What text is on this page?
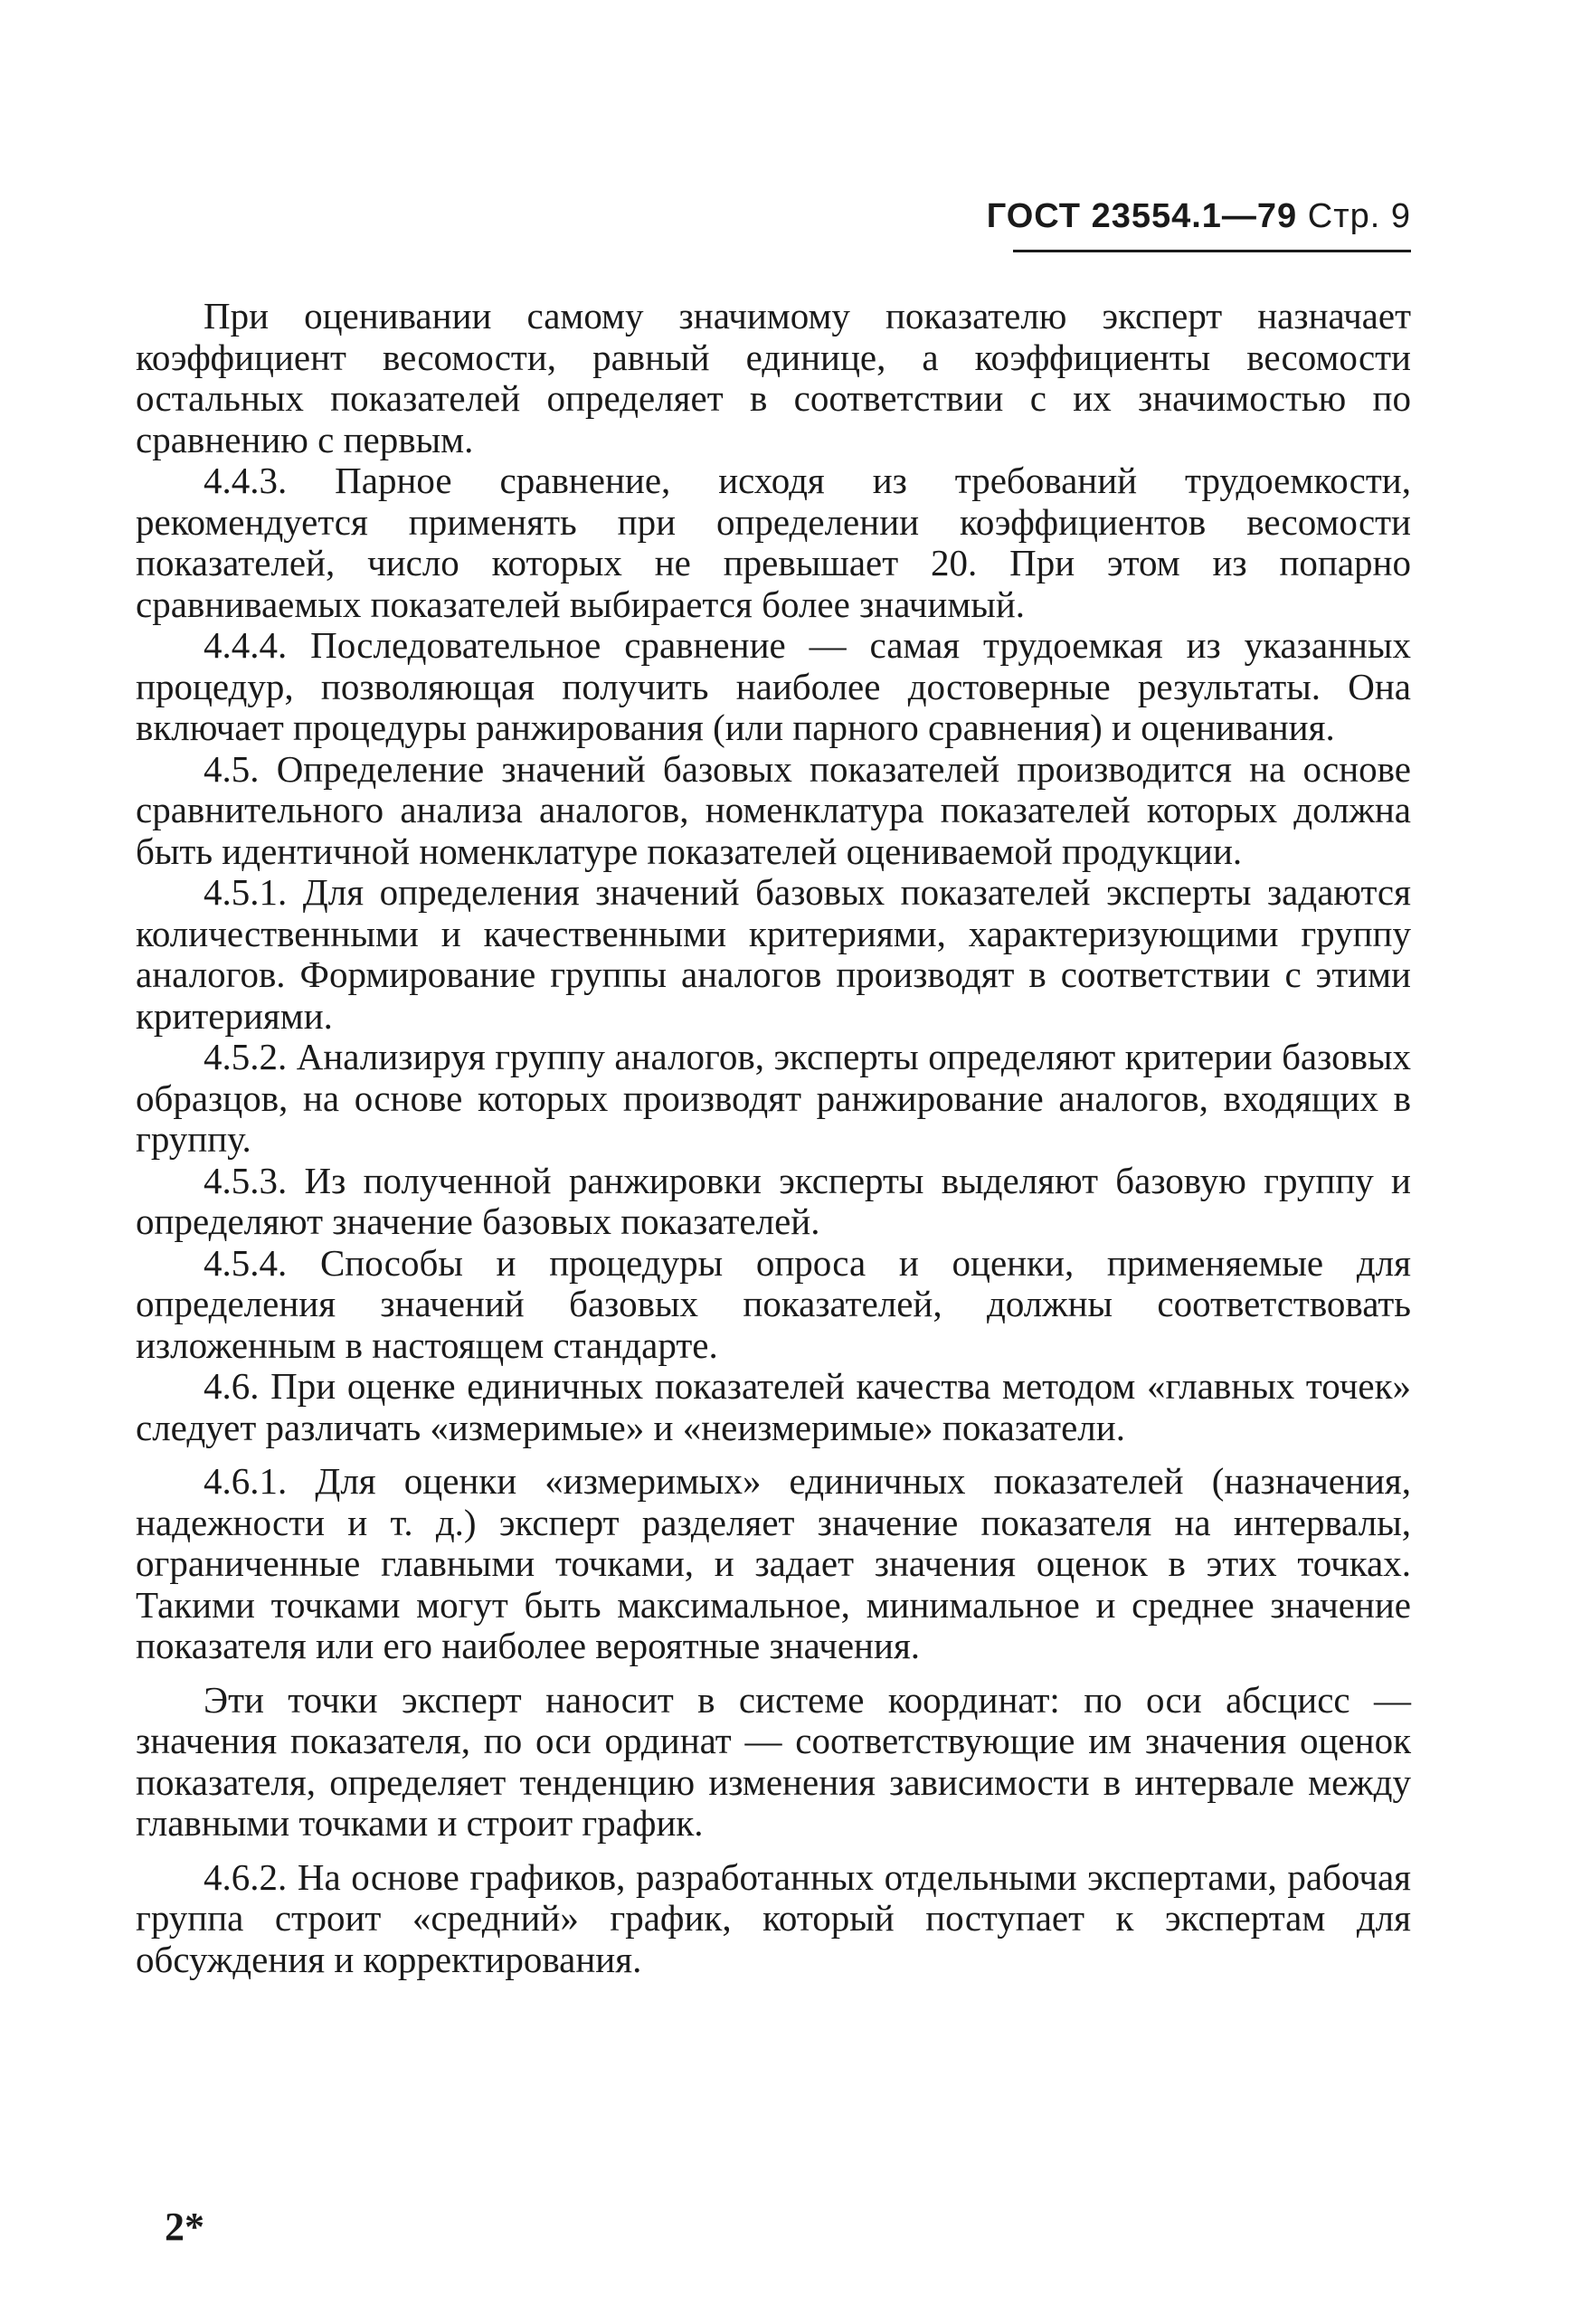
ГОСТ 23554.1—79 Стр. 9

При оценивании самому значимому показателю эксперт назначает коэффициент весомости, равный единице, а коэффициенты весомости остальных показателей определяет в соответствии с их значимостью по сравнению с первым.

4.4.3. Парное сравнение, исходя из требований трудоемкости, рекомендуется применять при определении коэффициентов весомости показателей, число которых не превышает 20. При этом из попарно сравниваемых показателей выбирается более значимый.

4.4.4. Последовательное сравнение — самая трудоемкая из указанных процедур, позволяющая получить наиболее достоверные результаты. Она включает процедуры ранжирования (или парного сравнения) и оценивания.

4.5. Определение значений базовых показателей производится на основе сравнительного анализа аналогов, номенклатура показателей которых должна быть идентичной номенклатуре показателей оцениваемой продукции.

4.5.1. Для определения значений базовых показателей эксперты задаются количественными и качественными критериями, характеризующими группу аналогов. Формирование группы аналогов производят в соответствии с этими критериями.

4.5.2. Анализируя группу аналогов, эксперты определяют критерии базовых образцов, на основе которых производят ранжирование аналогов, входящих в группу.

4.5.3. Из полученной ранжировки эксперты выделяют базовую группу и определяют значение базовых показателей.

4.5.4. Способы и процедуры опроса и оценки, применяемые для определения значений базовых показателей, должны соответствовать изложенным в настоящем стандарте.

4.6. При оценке единичных показателей качества методом «главных точек» следует различать «измеримые» и «неизмеримые» показатели.

4.6.1. Для оценки «измеримых» единичных показателей (назначения, надежности и т. д.) эксперт разделяет значение показателя на интервалы, ограниченные главными точками, и задает значения оценок в этих точках. Такими точками могут быть максимальное, минимальное и среднее значение показателя или его наиболее вероятные значения.

Эти точки эксперт наносит в системе координат: по оси абсцисс — значения показателя, по оси ординат — соответствующие им значения оценок показателя, определяет тенденцию изменения зависимости в интервале между главными точками и строит график.

4.6.2. На основе графиков, разработанных отдельными экспертами, рабочая группа строит «средний» график, который поступает к экспертам для обсуждения и корректирования.

2*
